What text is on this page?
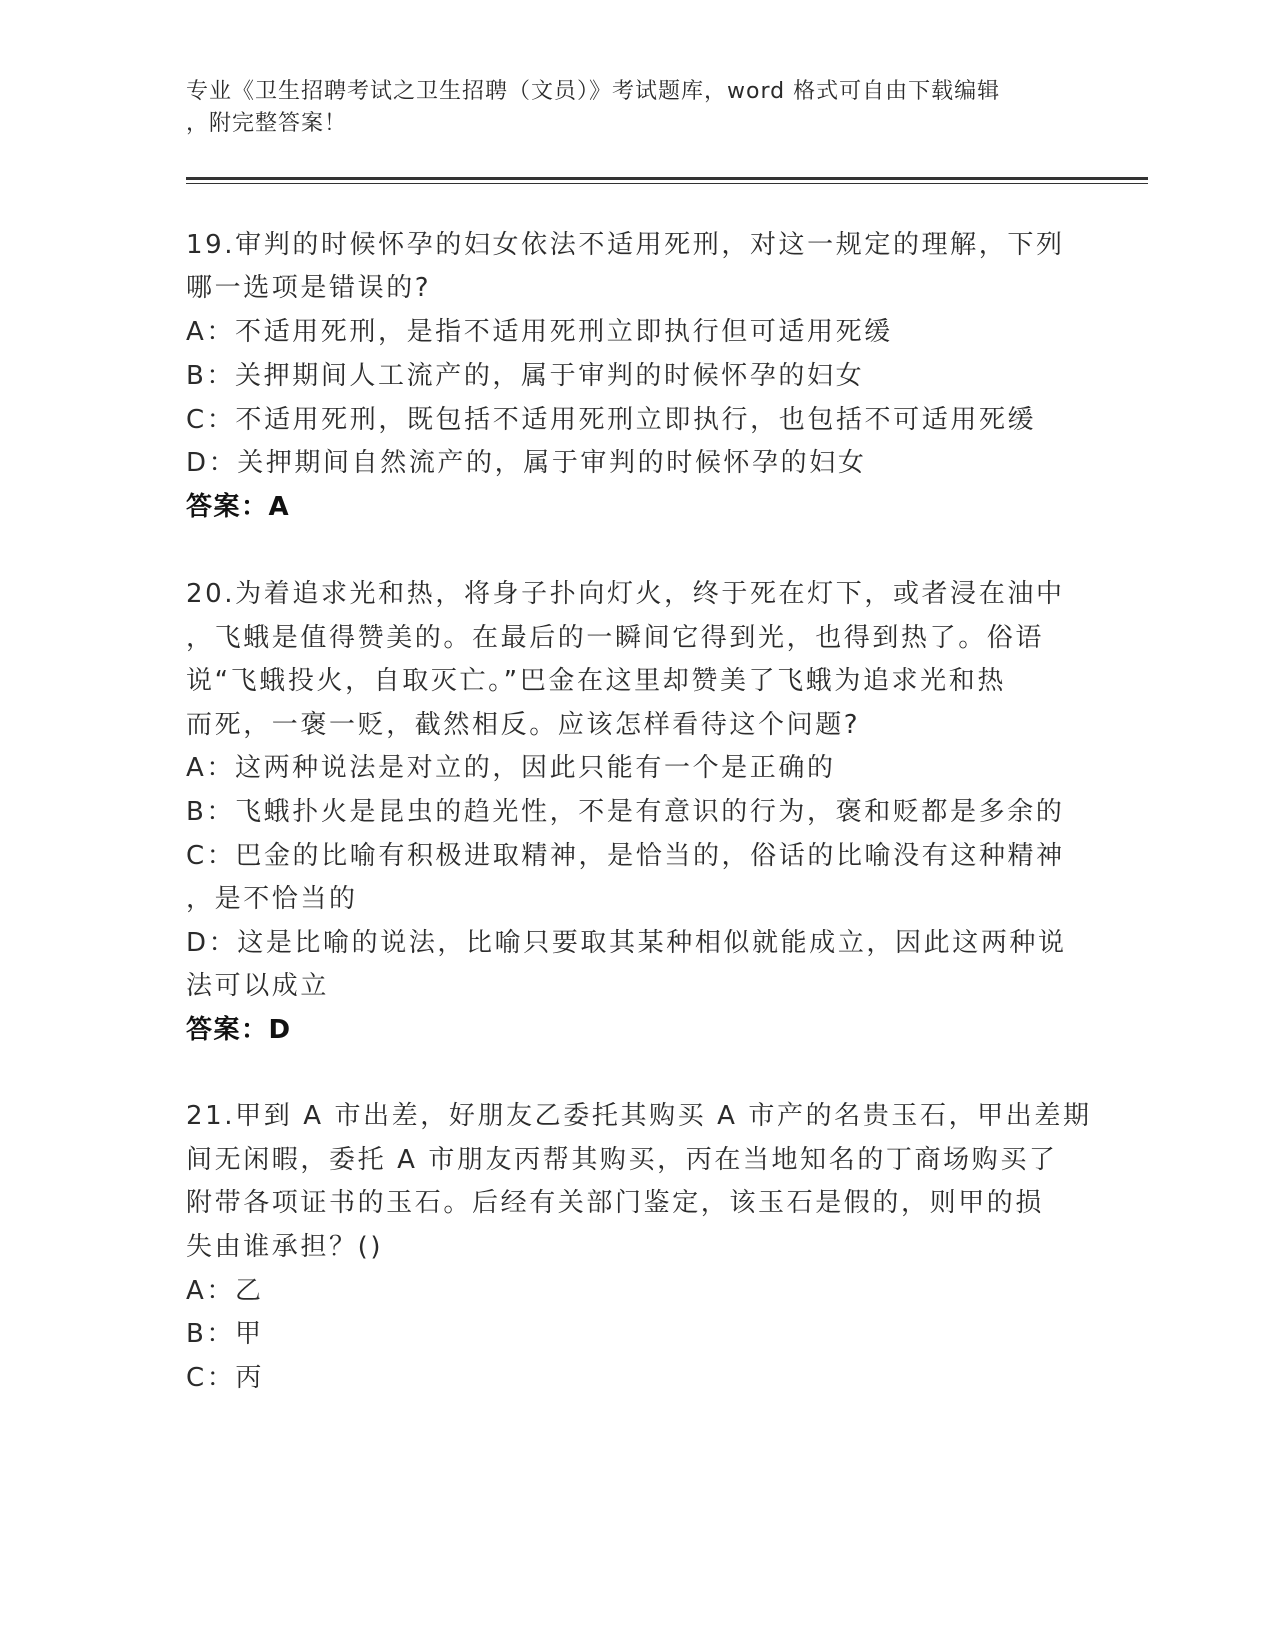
专业《卫生招聘考试之卫生招聘（文员）》考试题库，word 格式可自由下载编辑
，附完整答案！
19.审判的时候怀孕的妇女依法不适用死刑，对这一规定的理解，下列
哪一选项是错误的?
A：不适用死刑，是指不适用死刑立即执行但可适用死缓
B：关押期间人工流产的，属于审判的时候怀孕的妇女
C：不适用死刑，既包括不适用死刑立即执行，也包括不可适用死缓
D：关押期间自然流产的，属于审判的时候怀孕的妇女
答案：A
20.为着追求光和热，将身子扑向灯火，终于死在灯下，或者浸在油中
，飞蛾是值得赞美的。在最后的一瞬间它得到光，也得到热了。俗语
说“飞蛾投火，自取灭亡。”巴金在这里却赞美了飞蛾为追求光和热
而死，一褒一贬，截然相反。应该怎样看待这个问题?
A：这两种说法是对立的，因此只能有一个是正确的
B：飞蛾扑火是昆虫的趋光性，不是有意识的行为，褒和贬都是多余的
C：巴金的比喻有积极进取精神，是恰当的，俗话的比喻没有这种精神
，是不恰当的
D：这是比喻的说法，比喻只要取其某种相似就能成立，因此这两种说
法可以成立
答案：D
21.甲到 A 市出差，好朋友乙委托其购买 A 市产的名贵玉石，甲出差期
间无闲暇，委托 A 市朋友丙帮其购买，丙在当地知名的丁商场购买了
附带各项证书的玉石。后经有关部门鉴定，该玉石是假的，则甲的损
失由谁承担？()
A：乙
B：甲
C：丙
